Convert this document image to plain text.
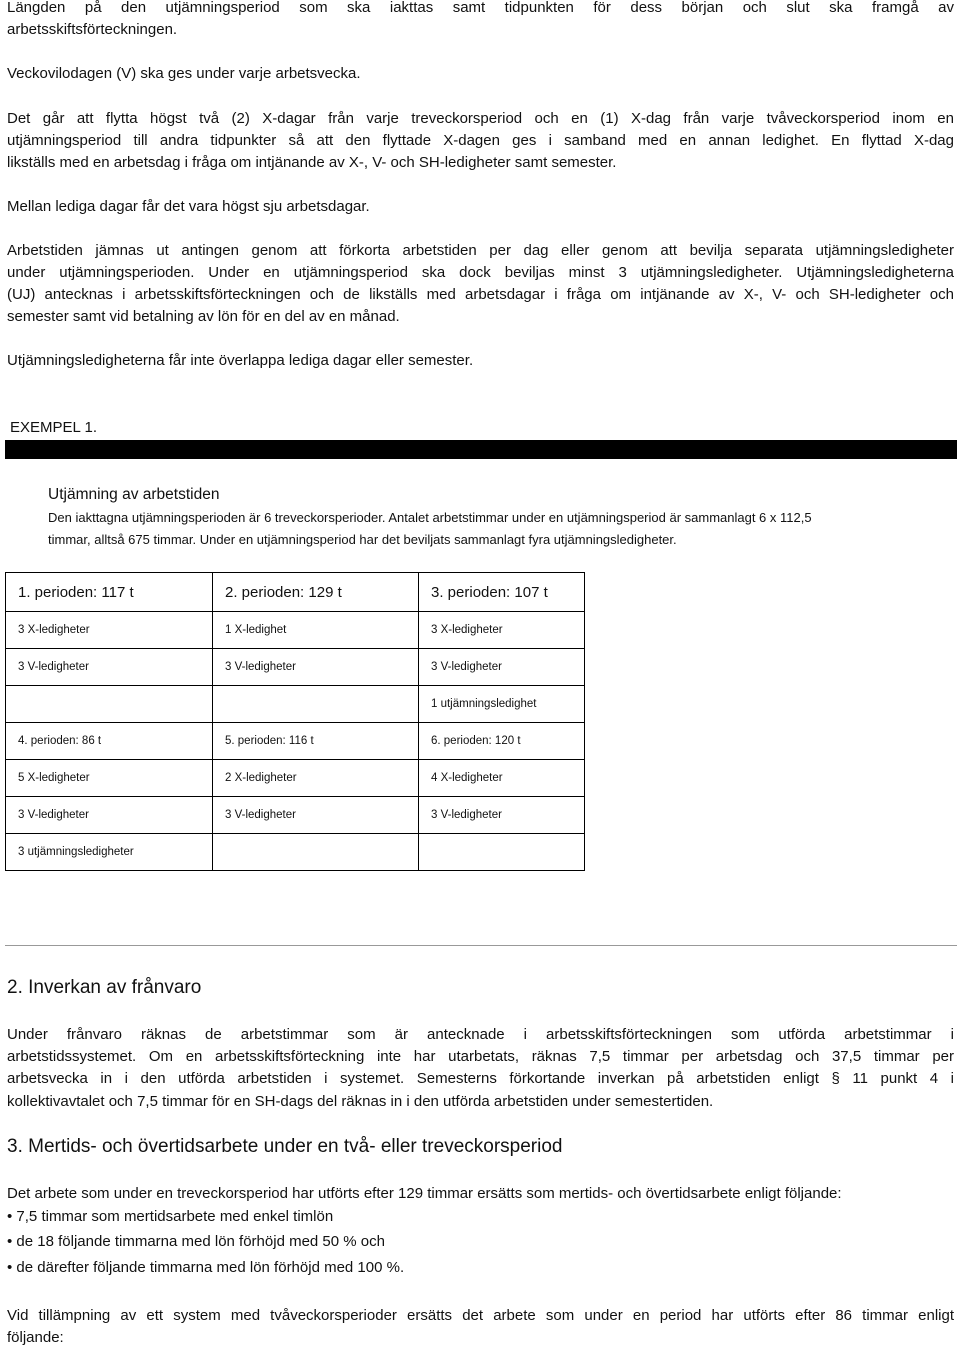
Längden på den utjämningsperiod som ska iakttas samt tidpunkten för dess början och slut ska framgå av

arbetsskiftsförteckningen.

Veckovilodagen (V) ska ges under varje arbetsvecka.

Det går att flytta högst två (2) X-dagar från varje treveckorsperiod och en (1) X-dag från varje tvåveckorsperiod inom en

utjämningsperiod till andra tidpunkter så att den flyttade X-dagen ges i samband med en annan ledighet. En flyttad X-dag

likställs med en arbetsdag i fråga om intjänande av X-, V- och SH-ledigheter samt semester.

Mellan lediga dagar får det vara högst sju arbetsdagar.

Arbetstiden jämnas ut antingen genom att förkorta arbetstiden per dag eller genom att bevilja separata utjämningsledigheter

under utjämningsperioden. Under en utjämningsperiod ska dock beviljas minst 3 utjämningsledigheter. Utjämningsledigheterna

(UJ) antecknas i arbetsskiftsförteckningen och de likställs med arbetsdagar i fråga om intjänande av X-, V- och SH-ledigheter och

semester samt vid betalning av lön för en del av en månad.

Utjämningsledigheterna får inte överlappa lediga dagar eller semester.

EXEMPEL 1.

Utjämning av arbetstiden

Den iakttagna utjämningsperioden är 6 treveckorsperioder. Antalet arbetstimmar under en utjämningsperiod är sammanlagt 6 x 112,5

timmar, alltså 675 timmar. Under en utjämningsperiod har det beviljats sammanlagt fyra utjämningsledigheter.

1. perioden: 117 t	2. perioden: 129 t	3. perioden: 107 t
3 X-ledigheter	1 X-ledighet	3 X-ledigheter
3 V-ledigheter	3 V-ledigheter	3 V-ledigheter
		1 utjämningsledighet
4. perioden: 86 t	5. perioden: 116 t	6. perioden: 120 t
5 X-ledigheter	2 X-ledigheter	4 X-ledigheter
3 V-ledigheter	3 V-ledigheter	3 V-ledigheter
3 utjämningsledigheter		
2. Inverkan av frånvaro

Under frånvaro räknas de arbetstimmar som är antecknade i arbetsskiftsförteckningen som utförda arbetstimmar i

arbetstidssystemet. Om en arbetsskiftsförteckning inte har utarbetats, räknas 7,5 timmar per arbetsdag och 37,5 timmar per

arbetsvecka in i den utförda arbetstiden i systemet. Semesterns förkortande inverkan på arbetstiden enligt § 11 punkt 4 i

kollektivavtalet och 7,5 timmar för en SH-dags del räknas in i den utförda arbetstiden under semestertiden.

3. Mertids- och övertidsarbete under en två- eller treveckorsperiod

Det arbete som under en treveckorsperiod har utförts efter 129 timmar ersätts som mertids- och övertidsarbete enligt följande:

• 7,5 timmar som mertidsarbete med enkel timlön

• de 18 följande timmarna med lön förhöjd med 50 % och

• de därefter följande timmarna med lön förhöjd med 100 %.

Vid tillämpning av ett system med tvåveckorsperioder ersätts det arbete som under en period har utförts efter 86 timmar enligt

följande:
